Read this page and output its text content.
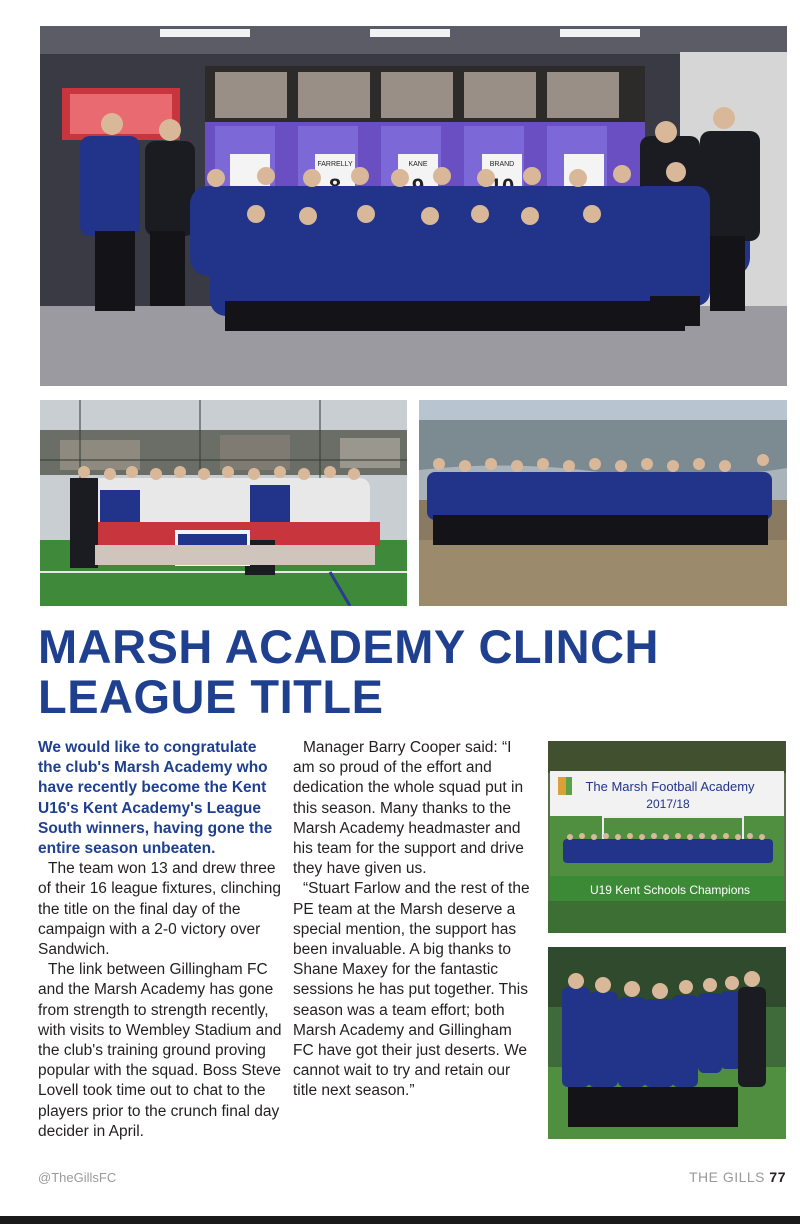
FARRELLY	KANE	BRAND
MARSH ACADEMY CLINCH LEAGUE TITLE

We would like to congratulate the club's Marsh Academy who have recently become the Kent U16's Kent Academy's League South winners, having gone the entire season unbeaten.

The team won 13 and drew three of their 16 league fixtures, clinching the title on the final day of the campaign with a 2-0 victory over Sandwich.

The link between Gillingham FC and the Marsh Academy has gone from strength to strength recently, with visits to Wembley Stadium and the club's training ground proving popular with the squad. Boss Steve Lovell took time out to chat to the players prior to the crunch final day decider in April.

Manager Barry Cooper said: “I am so proud of the effort and dedication the whole squad put in this season. Many thanks to the Marsh Academy headmaster and his team for the support and drive they have given us.

“Stuart Farlow and the rest of the PE team at the Marsh deserve a special mention, the support has been invaluable. A big thanks to Shane Maxey for the fantastic sessions he has put together. This season was a team effort; both Marsh Academy and Gillingham FC have got their just deserts. We cannot wait to try and retain our title next season.”

The Marsh Football Academy
2017/18
U19 Kent Schools Champions
@TheGillsFC	THE GILLS 77
